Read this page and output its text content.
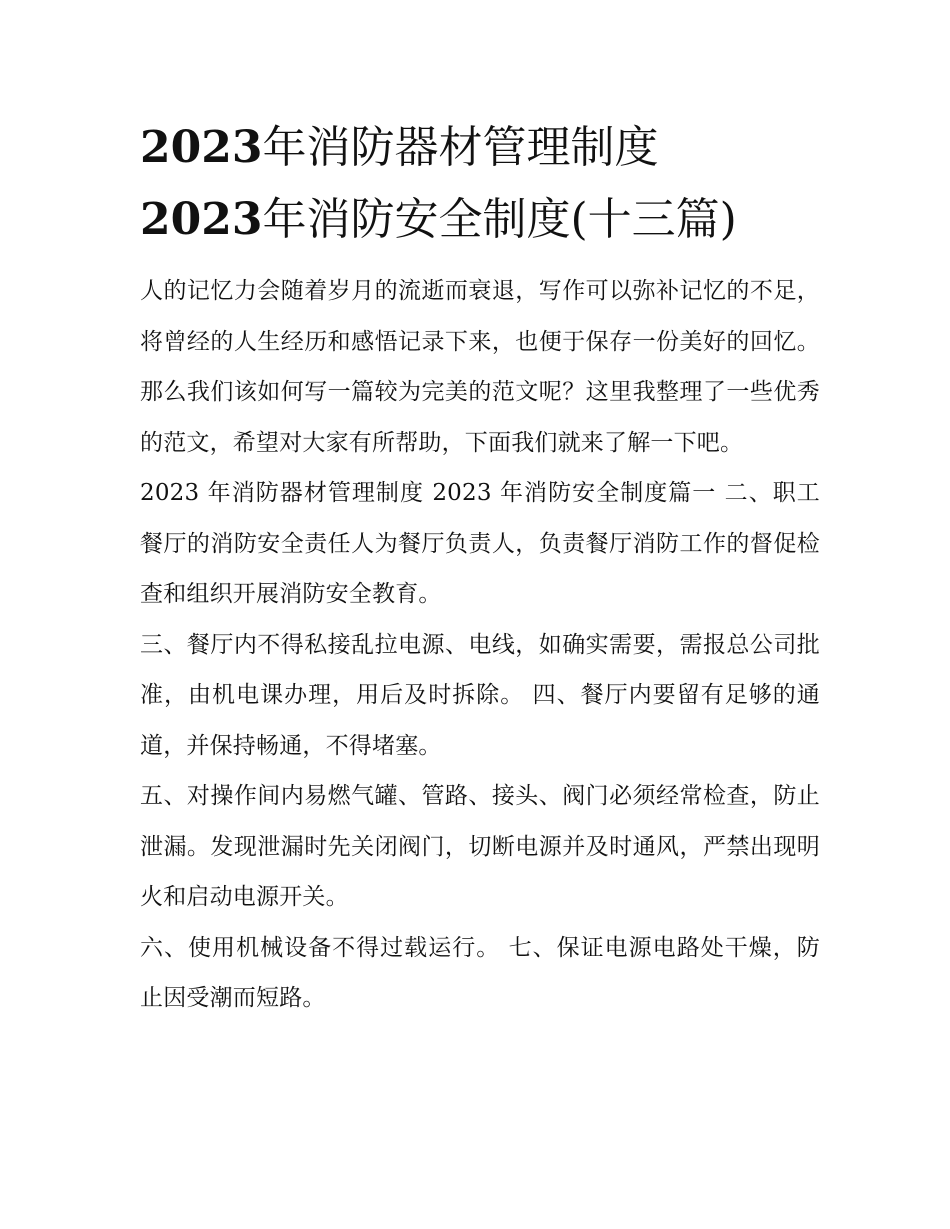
2023年消防器材管理制度
2023年消防安全制度(十三篇)

人的记忆力会随着岁月的流逝而衰退，写作可以弥补记忆的不足，将曾经的人生经历和感悟记录下来，也便于保存一份美好的回忆。那么我们该如何写一篇较为完美的范文呢？这里我整理了一些优秀的范文，希望对大家有所帮助，下面我们就来了解一下吧。

2023 年消防器材管理制度 2023 年消防安全制度篇一 二、职工餐厅的消防安全责任人为餐厅负责人，负责餐厅消防工作的督促检查和组织开展消防安全教育。

三、餐厅内不得私接乱拉电源、电线，如确实需要，需报总公司批准，由机电课办理，用后及时拆除。 四、餐厅内要留有足够的通道，并保持畅通，不得堵塞。

五、对操作间内易燃气罐、管路、接头、阀门必须经常检查，防止泄漏。发现泄漏时先关闭阀门，切断电源并及时通风，严禁出现明火和启动电源开关。

六、使用机械设备不得过载运行。 七、保证电源电路处干燥，防止因受潮而短路。
